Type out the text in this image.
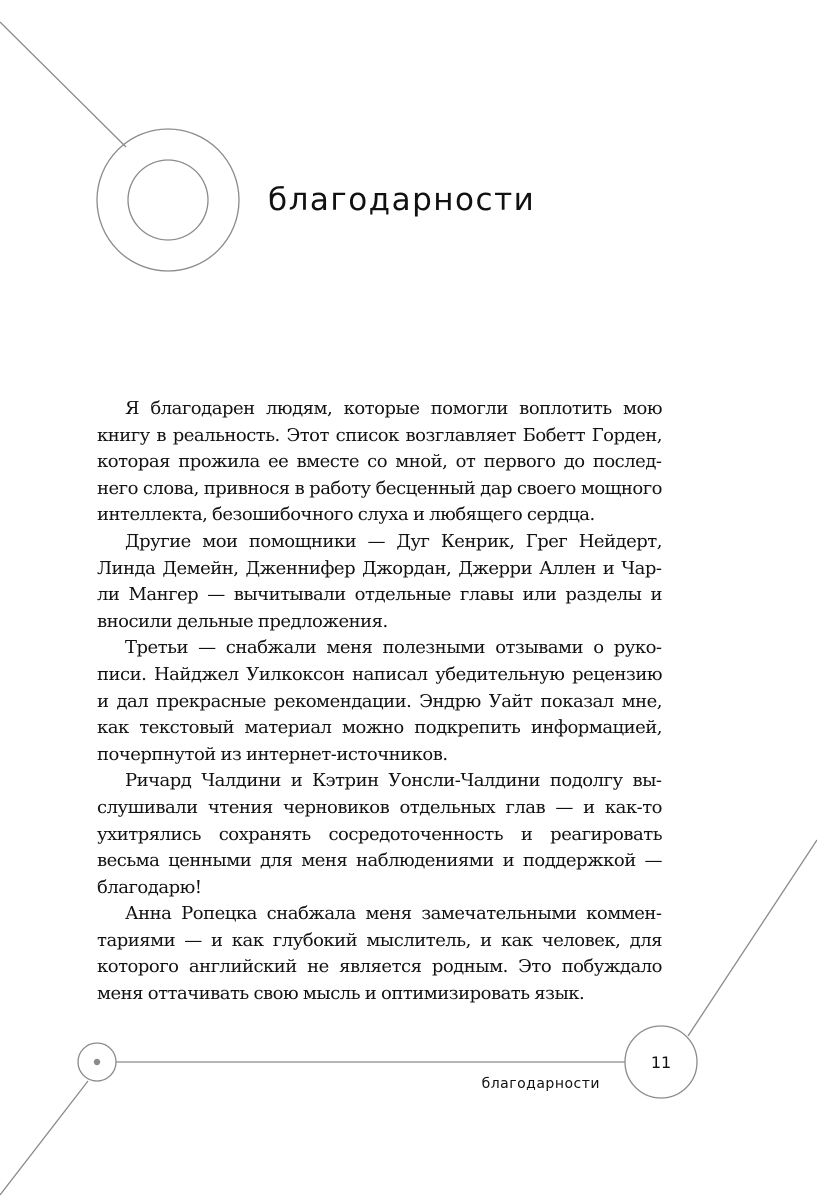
благодарности

Я благодарен людям, которые помогли воплотить мою книгу в реальность. Этот список возглавляет Бобетт Горден, которая прожила ее вместе со мной, от первого до последнего слова, привнося в работу бесценный дар своего мощного интеллекта, безошибочного слуха и любящего сердца.

Другие мои помощники — Дуг Кенрик, Грег Нейдерт, Линда Демейн, Дженнифер Джордан, Джерри Аллен и Чарли Мангер — вычитывали отдельные главы или разделы и вносили дельные предложения.

Третьи — снабжали меня полезными отзывами о рукописи. Найджел Уилкоксон написал убедительную рецензию и дал прекрасные рекомендации. Эндрю Уайт показал мне, как текстовый материал можно подкрепить информацией, почерпнутой из интернет-источников.

Ричард Чалдини и Кэтрин Уонсли-Чалдини подолгу выслушивали чтения черновиков отдельных глав — и как-то ухитрялись сохранять сосредоточенность и реагировать весьма ценными для меня наблюдениями и поддержкой — благодарю!

Анна Ропецка снабжала меня замечательными комментариями — и как глубокий мыслитель, и как человек, для которого английский не является родным. Это побуждало меня оттачивать свою мысль и оптимизировать язык.

11
благодарности
